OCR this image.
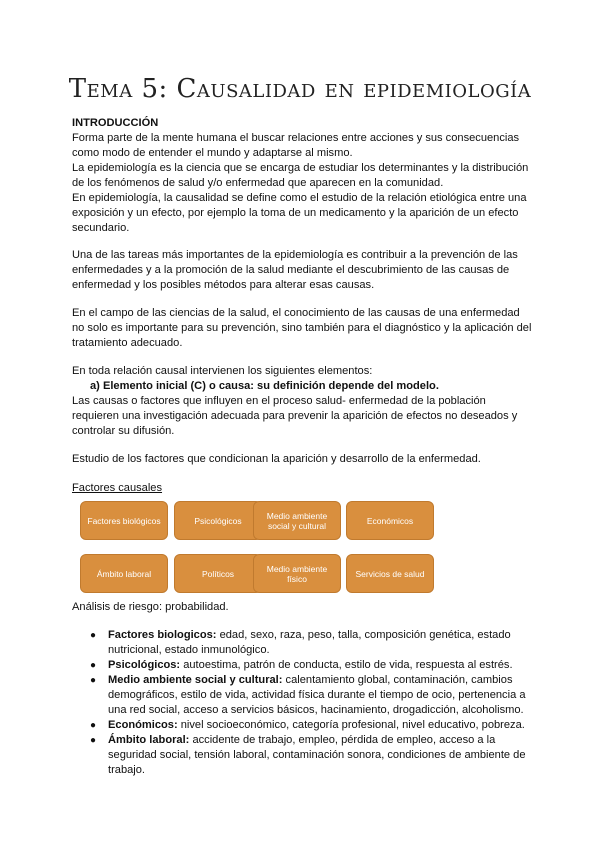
Tema 5: Causalidad en epidemiología

INTRODUCCIÓN

Forma parte de la mente humana el buscar relaciones entre acciones y sus consecuencias como modo de entender el mundo y adaptarse al mismo.

La epidemiología es la ciencia que se encarga de estudiar los determinantes y la distribución de los fenómenos de salud y/o enfermedad que aparecen en la comunidad.

En epidemiología, la causalidad se define como el estudio de la relación etiológica entre una exposición y un efecto, por ejemplo la toma de un medicamento y la aparición de un efecto secundario.

Una de las tareas más importantes de la epidemiología es contribuir a la prevención de las enfermedades y a la promoción de la salud mediante el descubrimiento de las causas de enfermedad y los posibles métodos para alterar esas causas.

En el campo de las ciencias de la salud, el conocimiento de las causas de una enfermedad no solo es importante para su prevención, sino también para el diagnóstico y la aplicación del tratamiento adecuado.

En toda relación causal intervienen los siguientes elementos:

a) Elemento inicial (C) o causa: su definición depende del modelo.

Las causas o factores que influyen en el proceso salud- enfermedad de la población requieren una investigación adecuada para prevenir la aparición de efectos no deseados y controlar su difusión.

Estudio de los factores que condicionan la aparición y desarrollo de la enfermedad.

Factores causales

Factores biológicos	Psicológicos	Medio ambiente social y cultural	Económicos
Ámbito laboral	Políticos	Medio ambiente físico	Servicios de salud

Análisis de riesgo: probabilidad.

● Factores biologicos: edad, sexo, raza, peso, talla, composición genética, estado nutricional, estado inmunológico.
● Psicológicos: autoestima, patrón de conducta, estilo de vida, respuesta al estrés.
● Medio ambiente social y cultural: calentamiento global, contaminación, cambios demográficos, estilo de vida, actividad física durante el tiempo de ocio, pertenencia a una red social, acceso a servicios básicos, hacinamiento, drogadicción, alcoholismo.
● Económicos: nivel socioeconómico, categoría profesional, nivel educativo, pobreza.
● Ámbito laboral: accidente de trabajo, empleo, pérdida de empleo, acceso a la seguridad social, tensión laboral, contaminación sonora, condiciones de ambiente de trabajo.
